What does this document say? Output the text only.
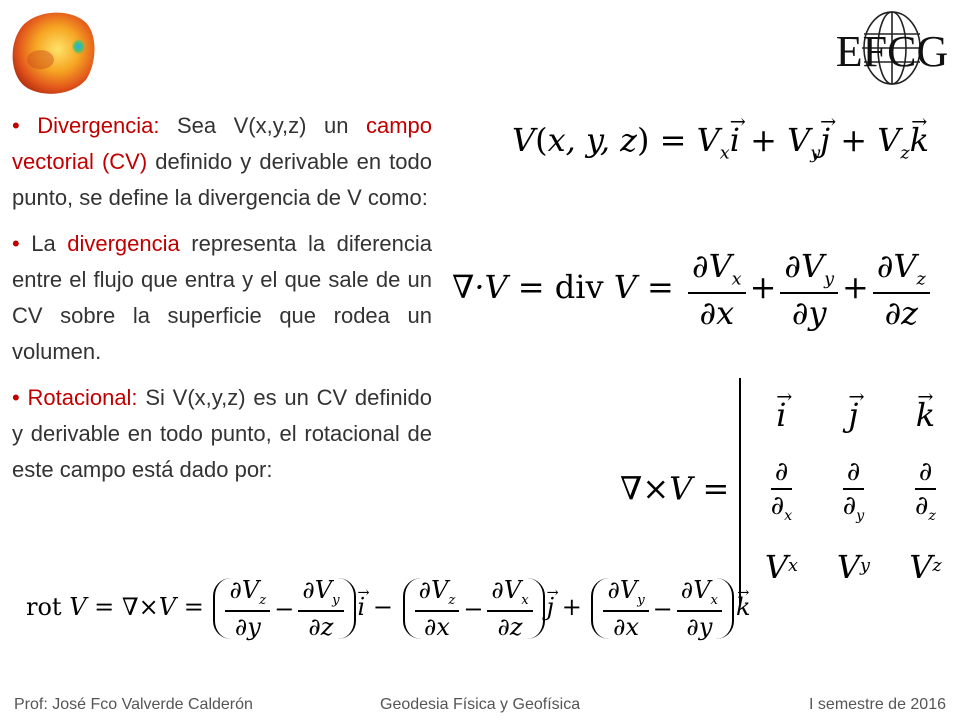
EFCG

• Divergencia: Sea V(x,y,z) un campo vectorial (CV) definido y derivable en todo punto, se define la divergencia de V como:

• La divergencia representa la diferencia entre el flujo que entra y el que sale de un CV sobre la superficie que rodea un volumen.

• Rotacional: Si V(x,y,z) es un CV definido y derivable en todo punto, el rotacional de este campo está dado por:

V(x, y, $z) = V_x\to i + V_y\to j + V_z\to k$
∇·V = div $V = \frac{\partial V_x}{\partial x} + \frac{\partial V_y}{\partial y} + \frac{\partial V_z}{\partial z}$
∇×V =
→ i
→ j
→ k
$\frac{\partial}{\partial_x} \frac{\partial}{\partial_y} \frac{\partial}{\partial_z}$
V x	V y	V z
rot $V = \nabla\times V = \frac{\partial V_z}{\partial y} - \frac{\partial V_y}{\partial z}$
→ $i - \frac{\partial V_z}{\partial x} - \frac{\partial V_x}{\partial z}$
→ $j + \frac{\partial V_y}{\partial x} - \frac{\partial V_x}{\partial y}$
→ k
Prof: José Fco Valverde Calderón	Geodesia Física y Geofísica	I semestre de 2016
